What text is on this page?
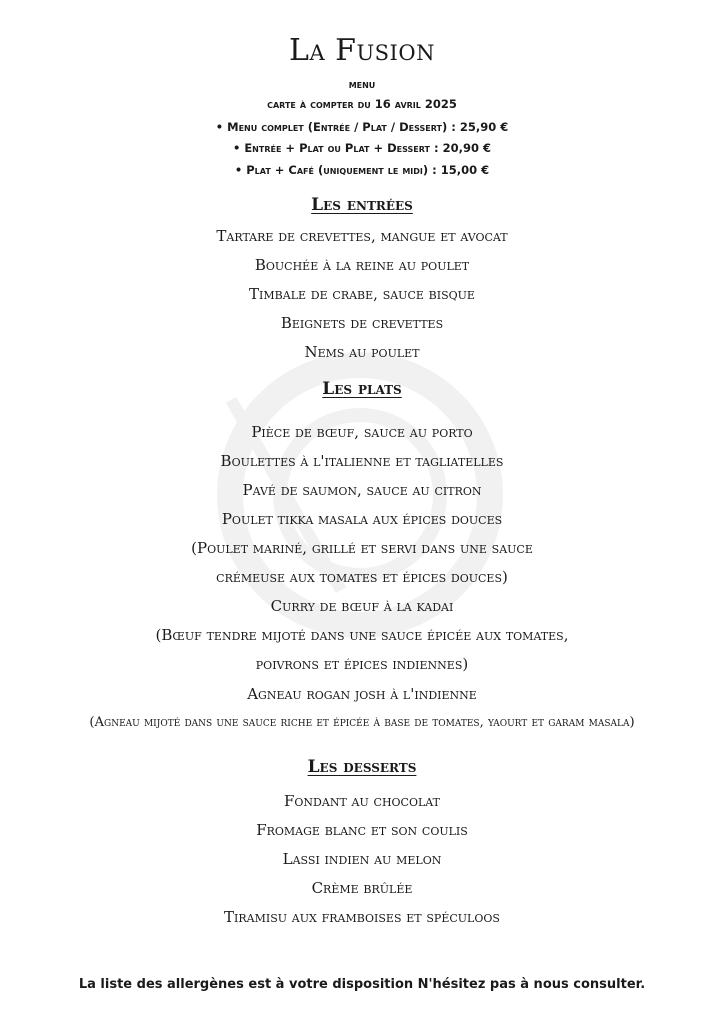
La Fusion
menu
carte à compter du 16 avril 2025
• Menu complet (Entrée / Plat / Dessert) : 25,90 €
• Entrée + Plat ou Plat + Dessert : 20,90 €
• Plat + Café (uniquement le midi) : 15,00 €
Les entrées
Tartare de crevettes, mangue et avocat
Bouchée à la reine au poulet
Timbale de crabe, sauce bisque
Beignets de crevettes
Nems au poulet
Les plats
Pièce de bœuf, sauce au porto
Boulettes à l'italienne et tagliatelles
Pavé de saumon, sauce au citron
Poulet tikka masala aux épices douces
(Poulet mariné, grillé et servi dans une sauce
crémeuse aux tomates et épices douces)
Curry de bœuf à la kadai
(Bœuf tendre mijoté dans une sauce épicée aux tomates,
poivrons et épices indiennes)
Agneau rogan josh à l'indienne
(Agneau mijoté dans une sauce riche et épicée à base de tomates, yaourt et garam masala)
Les desserts
Fondant au chocolat
Fromage blanc et son coulis
Lassi indien au melon
Crème brûlée
Tiramisu aux framboises et spéculoos
La liste des allergènes est à votre disposition N'hésitez pas à nous consulter.
